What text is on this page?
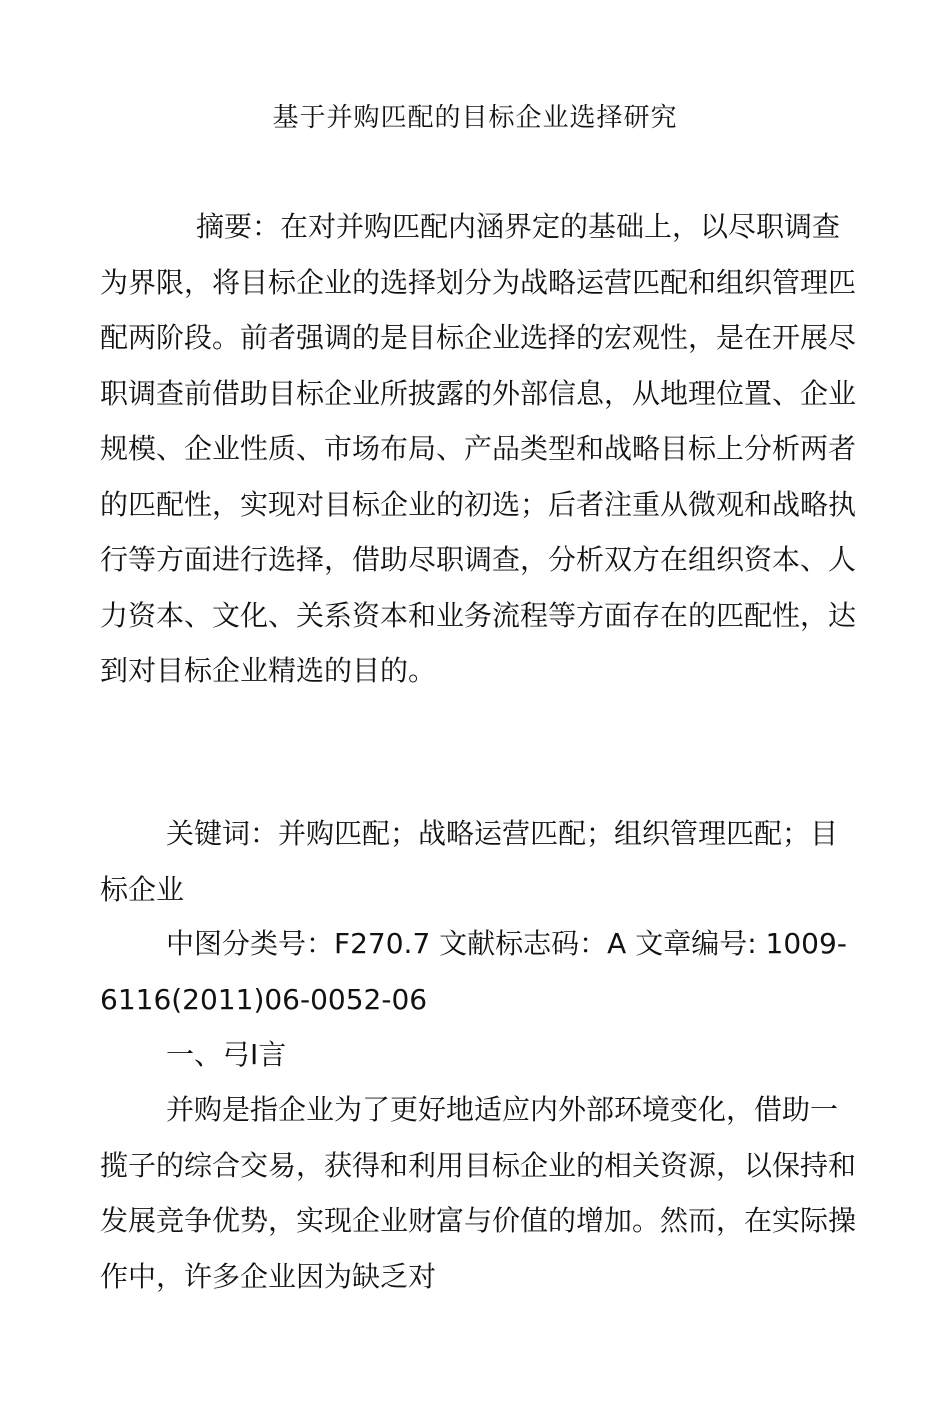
基于并购匹配的目标企业选择研究

摘要：在对并购匹配内涵界定的基础上，以尽职调查为界限，将目标企业的选择划分为战略运营匹配和组织管理匹配两阶段。前者强调的是目标企业选择的宏观性，是在开展尽职调查前借助目标企业所披露的外部信息，从地理位置、企业规模、企业性质、市场布局、产品类型和战略目标上分析两者的匹配性，实现对目标企业的初选；后者注重从微观和战略执行等方面进行选择，借助尽职调查，分析双方在组织资本、人力资本、文化、关系资本和业务流程等方面存在的匹配性，达到对目标企业精选的目的。

关键词：并购匹配；战略运营匹配；组织管理匹配；目标企业

中图分类号：F270.7 文献标志码：A 文章编号: 1009-6116(2011)06-0052-06

一、弓I言

并购是指企业为了更好地适应内外部环境变化，借助一揽子的综合交易，获得和利用目标企业的相关资源，以保持和发展竞争优势，实现企业财富与价值的增加。然而，在实际操作中，许多企业因为缺乏对
